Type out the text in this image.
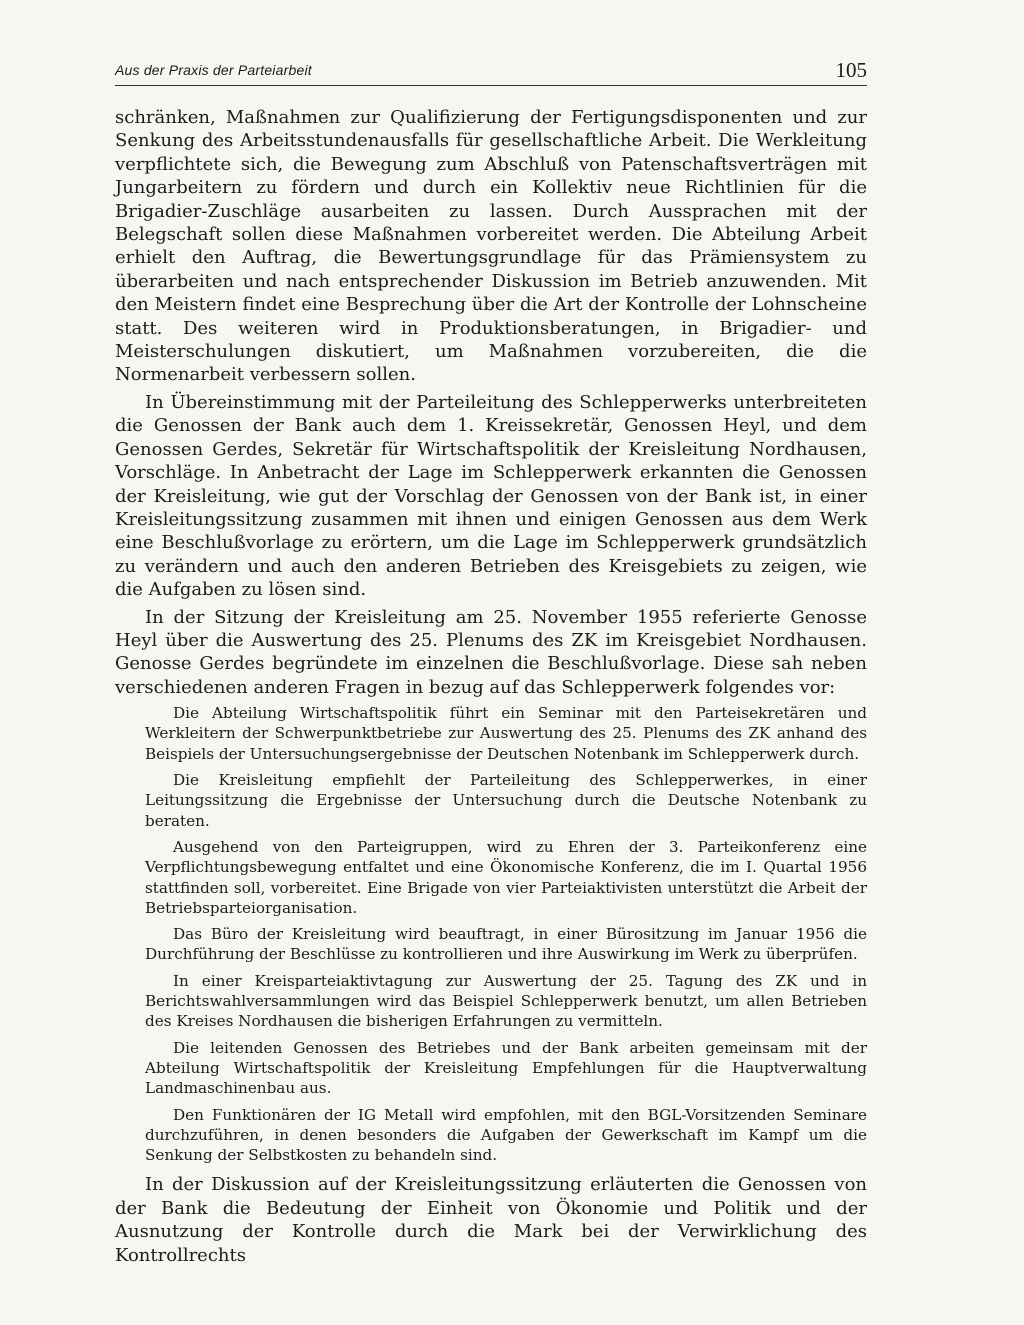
Aus der Praxis der Parteiarbeit	105

schränken, Maßnahmen zur Qualifizierung der Fertigungsdisponenten und zur Senkung des Arbeitsstundenausfalls für gesellschaftliche Arbeit. Die Werkleitung verpflichtete sich, die Bewegung zum Abschluß von Patenschaftsverträgen mit Jungarbeitern zu fördern und durch ein Kollektiv neue Richtlinien für die Brigadier-Zuschläge ausarbeiten zu lassen. Durch Aussprachen mit der Belegschaft sollen diese Maßnahmen vorbereitet werden. Die Abteilung Arbeit erhielt den Auftrag, die Bewertungsgrundlage für das Prämiensystem zu überarbeiten und nach entsprechender Diskussion im Betrieb anzuwenden. Mit den Meistern findet eine Besprechung über die Art der Kontrolle der Lohnscheine statt. Des weiteren wird in Produktionsberatungen, in Brigadier- und Meisterschulungen diskutiert, um Maßnahmen vorzubereiten, die die Normenarbeit verbessern sollen.

In Übereinstimmung mit der Parteileitung des Schlepperwerks unterbreiteten die Genossen der Bank auch dem 1. Kreissekretär, Genossen Heyl, und dem Genossen Gerdes, Sekretär für Wirtschaftspolitik der Kreisleitung Nordhausen, Vorschläge. In Anbetracht der Lage im Schlepperwerk erkannten die Genossen der Kreisleitung, wie gut der Vorschlag der Genossen von der Bank ist, in einer Kreisleitungssitzung zusammen mit ihnen und einigen Genossen aus dem Werk eine Beschlußvorlage zu erörtern, um die Lage im Schlepperwerk grundsätzlich zu verändern und auch den anderen Betrieben des Kreisgebiets zu zeigen, wie die Aufgaben zu lösen sind.

In der Sitzung der Kreisleitung am 25. November 1955 referierte Genosse Heyl über die Auswertung des 25. Plenums des ZK im Kreisgebiet Nordhausen. Genosse Gerdes begründete im einzelnen die Beschlußvorlage. Diese sah neben verschiedenen anderen Fragen in bezug auf das Schlepperwerk folgendes vor:

Die Abteilung Wirtschaftspolitik führt ein Seminar mit den Parteisekretären und Werkleitern der Schwerpunktbetriebe zur Auswertung des 25. Plenums des ZK anhand des Beispiels der Untersuchungsergebnisse der Deutschen Notenbank im Schlepperwerk durch.

Die Kreisleitung empfiehlt der Parteileitung des Schlepperwerkes, in einer Leitungssitzung die Ergebnisse der Untersuchung durch die Deutsche Notenbank zu beraten.

Ausgehend von den Parteigruppen, wird zu Ehren der 3. Parteikonferenz eine Verpflichtungsbewegung entfaltet und eine Ökonomische Konferenz, die im I. Quartal 1956 stattfinden soll, vorbereitet. Eine Brigade von vier Parteiaktivisten unterstützt die Arbeit der Betriebsparteiorganisation.

Das Büro der Kreisleitung wird beauftragt, in einer Bürositzung im Januar 1956 die Durchführung der Beschlüsse zu kontrollieren und ihre Auswirkung im Werk zu überprüfen.

In einer Kreisparteiaktivtagung zur Auswertung der 25. Tagung des ZK und in Berichtswahlversammlungen wird das Beispiel Schlepperwerk benutzt, um allen Betrieben des Kreises Nordhausen die bisherigen Erfahrungen zu vermitteln.

Die leitenden Genossen des Betriebes und der Bank arbeiten gemeinsam mit der Abteilung Wirtschaftspolitik der Kreisleitung Empfehlungen für die Hauptverwaltung Landmaschinenbau aus.

Den Funktionären der IG Metall wird empfohlen, mit den BGL-Vorsitzenden Seminare durchzuführen, in denen besonders die Aufgaben der Gewerkschaft im Kampf um die Senkung der Selbstkosten zu behandeln sind.

In der Diskussion auf der Kreisleitungssitzung erläuterten die Genossen von der Bank die Bedeutung der Einheit von Ökonomie und Politik und der Ausnutzung der Kontrolle durch die Mark bei der Verwirklichung des Kontrollrechts
